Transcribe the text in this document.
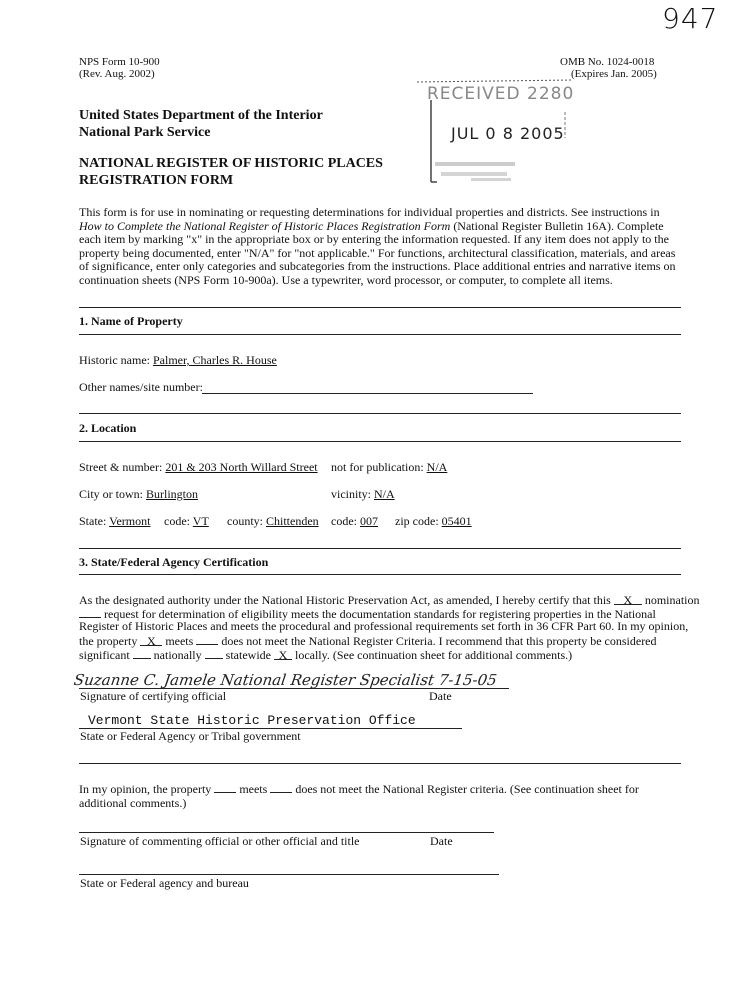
947
NPS Form 10-900
(Rev. Aug. 2002)
OMB No. 1024-0018
(Expires Jan. 2005)
United States Department of the Interior
National Park Service
NATIONAL REGISTER OF HISTORIC PLACES
REGISTRATION FORM
RECEIVED 2280
JUL 0 8 2005
This form is for use in nominating or requesting determinations for individual properties and districts. See instructions in How to Complete the National Register of Historic Places Registration Form (National Register Bulletin 16A). Complete each item by marking "x" in the appropriate box or by entering the information requested. If any item does not apply to the property being documented, enter "N/A" for "not applicable." For functions, architectural classification, materials, and areas of significance, enter only categories and subcategories from the instructions. Place additional entries and narrative items on continuation sheets (NPS Form 10-900a). Use a typewriter, word processor, or computer, to complete all items.
1. Name of Property
Historic name: Palmer, Charles R. House
Other names/site number:
2. Location
Street & number: 201 & 203 North Willard Street not for publication: N/A
City or town: Burlington	vicinity: N/A
State: Vermont code: VT	county: Chittenden code: 007 zip code: 05401
3. State/Federal Agency Certification
As the designated authority under the National Historic Preservation Act, as amended, I hereby certify that this X nomination
request for determination of eligibility meets the documentation standards for registering properties in the National
Register of Historic Places and meets the procedural and professional requirements set forth in 36 CFR Part 60. In my opinion,
the property X meets  does not meet the National Register Criteria. I recommend that this property be considered
significant  nationally  statewide X locally. (See continuation sheet for additional comments.)
Suzanne C. Jamele National Register Specialist 7-15-05
Signature of certifying official	Date
Vermont State Historic Preservation Office
State or Federal Agency or Tribal government
In my opinion, the property  meets  does not meet the National Register criteria. (See continuation sheet for additional comments.)
Signature of commenting official or other official and title	Date
State or Federal agency and bureau
